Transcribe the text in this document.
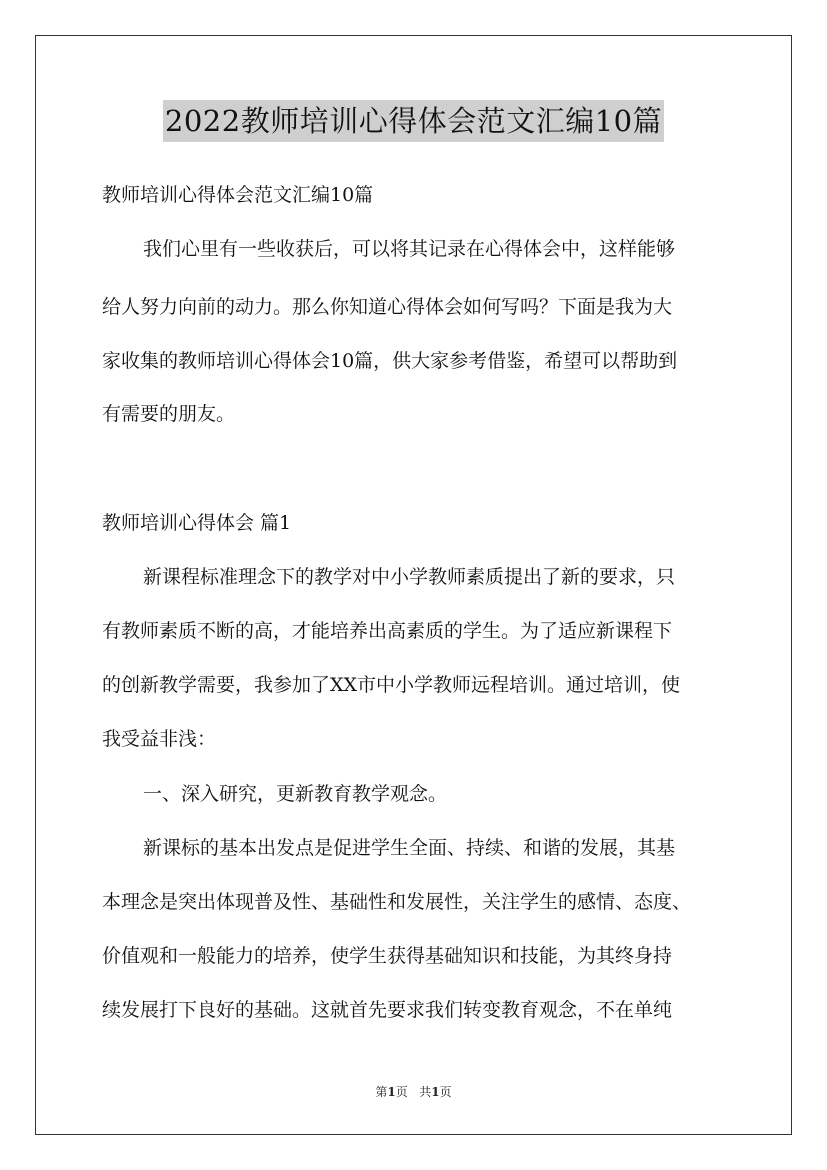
2022教师培训心得体会范文汇编10篇
教师培训心得体会范文汇编10篇
我们心里有一些收获后，可以将其记录在心得体会中，这样能够
给人努力向前的动力。那么你知道心得体会如何写吗？下面是我为大
家收集的教师培训心得体会10篇，供大家参考借鉴，希望可以帮助到
有需要的朋友。
教师培训心得体会 篇1
新课程标准理念下的教学对中小学教师素质提出了新的要求，只
有教师素质不断的高，才能培养出高素质的学生。为了适应新课程下
的创新教学需要，我参加了XX市中小学教师远程培训。通过培训，使
我受益非浅：
一、深入研究，更新教育教学观念。
新课标的基本出发点是促进学生全面、持续、和谐的发展，其基
本理念是突出体现普及性、基础性和发展性，关注学生的感情、态度、
价值观和一般能力的培养，使学生获得基础知识和技能，为其终身持
续发展打下良好的基础。这就首先要求我们转变教育观念，不在单纯
第1页 共1页
